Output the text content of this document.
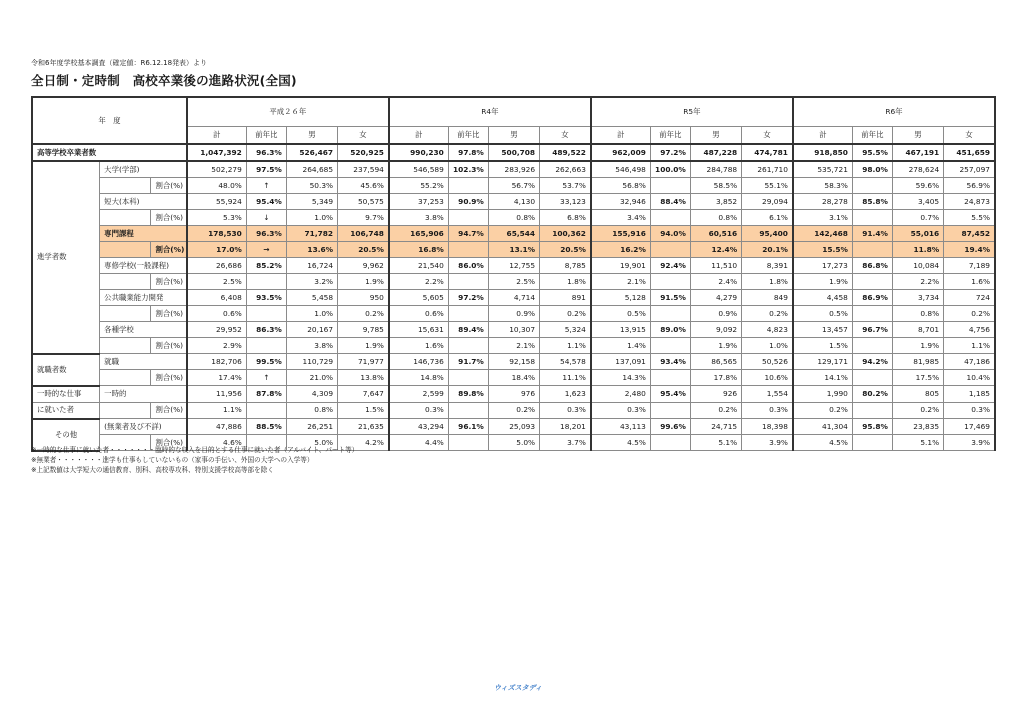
令和6年度学校基本調査（確定値：R6.12.18発表）より
全日制・定時制　高校卒業後の進路状況(全国)
年　度			平成２６年				R4年				R5年				R6年			
			計	前年比	男	女	計	前年比	男	女	計	前年比	男	女	計	前年比	男	女
高等学校卒業者数			1,047,392	96.3%	526,467	520,925	990,230	97.8%	500,708	489,522	962,009	97.2%	487,228	474,781	918,850	95.5%	467,191	451,659
進学者数	大学(学部)		502,279	97.5%	264,685	237,594	546,589	102.3%	283,926	262,663	546,498	100.0%	284,788	261,710	535,721	98.0%	278,624	257,097
		割合(%)	48.0%	↑	50.3%	45.6%	55.2%		56.7%	53.7%	56.8%		58.5%	55.1%	58.3%		59.6%	56.9%
	短大(本科)		55,924	95.4%	5,349	50,575	37,253	90.9%	4,130	33,123	32,946	88.4%	3,852	29,094	28,278	85.8%	3,405	24,873
		割合(%)	5.3%	↓	1.0%	9.7%	3.8%		0.8%	6.8%	3.4%		0.8%	6.1%	3.1%		0.7%	5.5%
	専門課程		178,530	96.3%	71,782	106,748	165,906	94.7%	65,544	100,362	155,916	94.0%	60,516	95,400	142,468	91.4%	55,016	87,452
		割合(%)	17.0%	→	13.6%	20.5%	16.8%		13.1%	20.5%	16.2%		12.4%	20.1%	15.5%		11.8%	19.4%
	専修学校(一般課程)		26,686	85.2%	16,724	9,962	21,540	86.0%	12,755	8,785	19,901	92.4%	11,510	8,391	17,273	86.8%	10,084	7,189
		割合(%)	2.5%		3.2%	1.9%	2.2%		2.5%	1.8%	2.1%		2.4%	1.8%	1.9%		2.2%	1.6%
	公共職業能力開発		6,408	93.5%	5,458	950	5,605	97.2%	4,714	891	5,128	91.5%	4,279	849	4,458	86.9%	3,734	724
		割合(%)	0.6%		1.0%	0.2%	0.6%		0.9%	0.2%	0.5%		0.9%	0.2%	0.5%		0.8%	0.2%
	各種学校		29,952	86.3%	20,167	9,785	15,631	89.4%	10,307	5,324	13,915	89.0%	9,092	4,823	13,457	96.7%	8,701	4,756
		割合(%)	2.9%		3.8%	1.9%	1.6%		2.1%	1.1%	1.4%		1.9%	1.0%	1.5%		1.9%	1.1%
就職者数	就職		182,706	99.5%	110,729	71,977	146,736	91.7%	92,158	54,578	137,091	93.4%	86,565	50,526	129,171	94.2%	81,985	47,186
		割合(%)	17.4%	↑	21.0%	13.8%	14.8%		18.4%	11.1%	14.3%		17.8%	10.6%	14.1%		17.5%	10.4%
一時的な仕事	一時的		11,956	87.8%	4,309	7,647	2,599	89.8%	976	1,623	2,480	95.4%	926	1,554	1,990	80.2%	805	1,185
に就いた者		割合(%)	1.1%		0.8%	1.5%	0.3%		0.2%	0.3%	0.3%		0.2%	0.3%	0.2%		0.2%	0.3%
その他	(無業者及び不詳)		47,886	88.5%	26,251	21,635	43,294	96.1%	25,093	18,201	43,113	99.6%	24,715	18,398	41,304	95.8%	23,835	17,469
		割合(%)	4.6%		5.0%	4.2%	4.4%		5.0%	3.7%	4.5%		5.1%	3.9%	4.5%		5.1%	3.9%
※一時的な仕事に就いた者・・・・・・・臨時的な収入を目的とする仕事に就いた者（アルバイト、パート等）
※無業者・・・・・・・進学も仕事もしていないもの（家事の手伝い、外国の大学への入学等）
※上記数値は大学短大の通信教育、別科、高校専攻科、特別支援学校高等部を除く
ウィズスタディ
